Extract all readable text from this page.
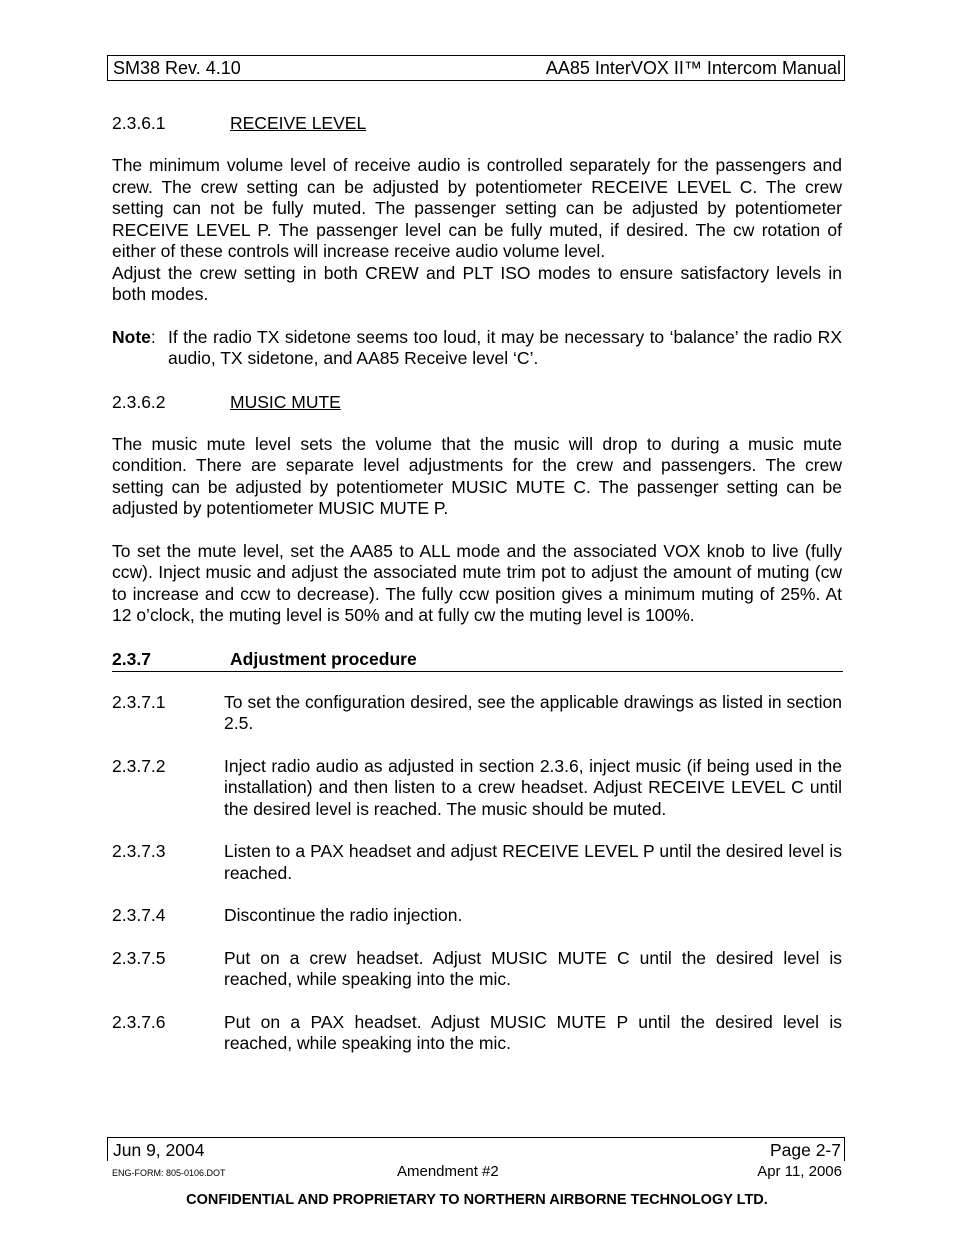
SM38 Rev. 4.10	AA85 InterVOX II™ Intercom Manual
2.3.6.1	RECEIVE LEVEL

The minimum volume level of receive audio is controlled separately for the passengers and crew. The crew setting can be adjusted by potentiometer RECEIVE LEVEL C. The crew setting can not be fully muted. The passenger setting can be adjusted by potentiometer RECEIVE LEVEL P. The passenger level can be fully muted, if desired. The cw rotation of either of these controls will increase receive audio volume level.

Adjust the crew setting in both CREW and PLT ISO modes to ensure satisfactory levels in both modes.

Note: If the radio TX sidetone seems too loud, it may be necessary to ‘balance’ the radio RX audio, TX sidetone, and AA85 Receive level ‘C’.
2.3.6.2	MUSIC MUTE

The music mute level sets the volume that the music will drop to during a music mute condition. There are separate level adjustments for the crew and passengers. The crew setting can be adjusted by potentiometer MUSIC MUTE C. The passenger setting can be adjusted by potentiometer MUSIC MUTE P.

To set the mute level, set the AA85 to ALL mode and the associated VOX knob to live (fully ccw). Inject music and adjust the associated mute trim pot to adjust the amount of muting (cw to increase and ccw to decrease). The fully ccw position gives a minimum muting of 25%. At 12 o’clock, the muting level is 50% and at fully cw the muting level is 100%.

2.3.7	Adjustment procedure
2.3.7.1	To set the configuration desired, see the applicable drawings as listed in section 2.5.
2.3.7.2	Inject radio audio as adjusted in section 2.3.6, inject music (if being used in the installation) and then listen to a crew headset. Adjust RECEIVE LEVEL C until the desired level is reached. The music should be muted.
2.3.7.3	Listen to a PAX headset and adjust RECEIVE LEVEL P until the desired level is reached.
2.3.7.4	Discontinue the radio injection.
2.3.7.5	Put on a crew headset. Adjust MUSIC MUTE C until the desired level is reached, while speaking into the mic.
2.3.7.6	Put on a PAX headset. Adjust MUSIC MUTE P until the desired level is reached, while speaking into the mic.
Jun 9, 2004	Page 2-7
ENG-FORM: 805-0106.DOT	Amendment #2	Apr 11, 2006
CONFIDENTIAL AND PROPRIETARY TO NORTHERN AIRBORNE TECHNOLOGY LTD.
